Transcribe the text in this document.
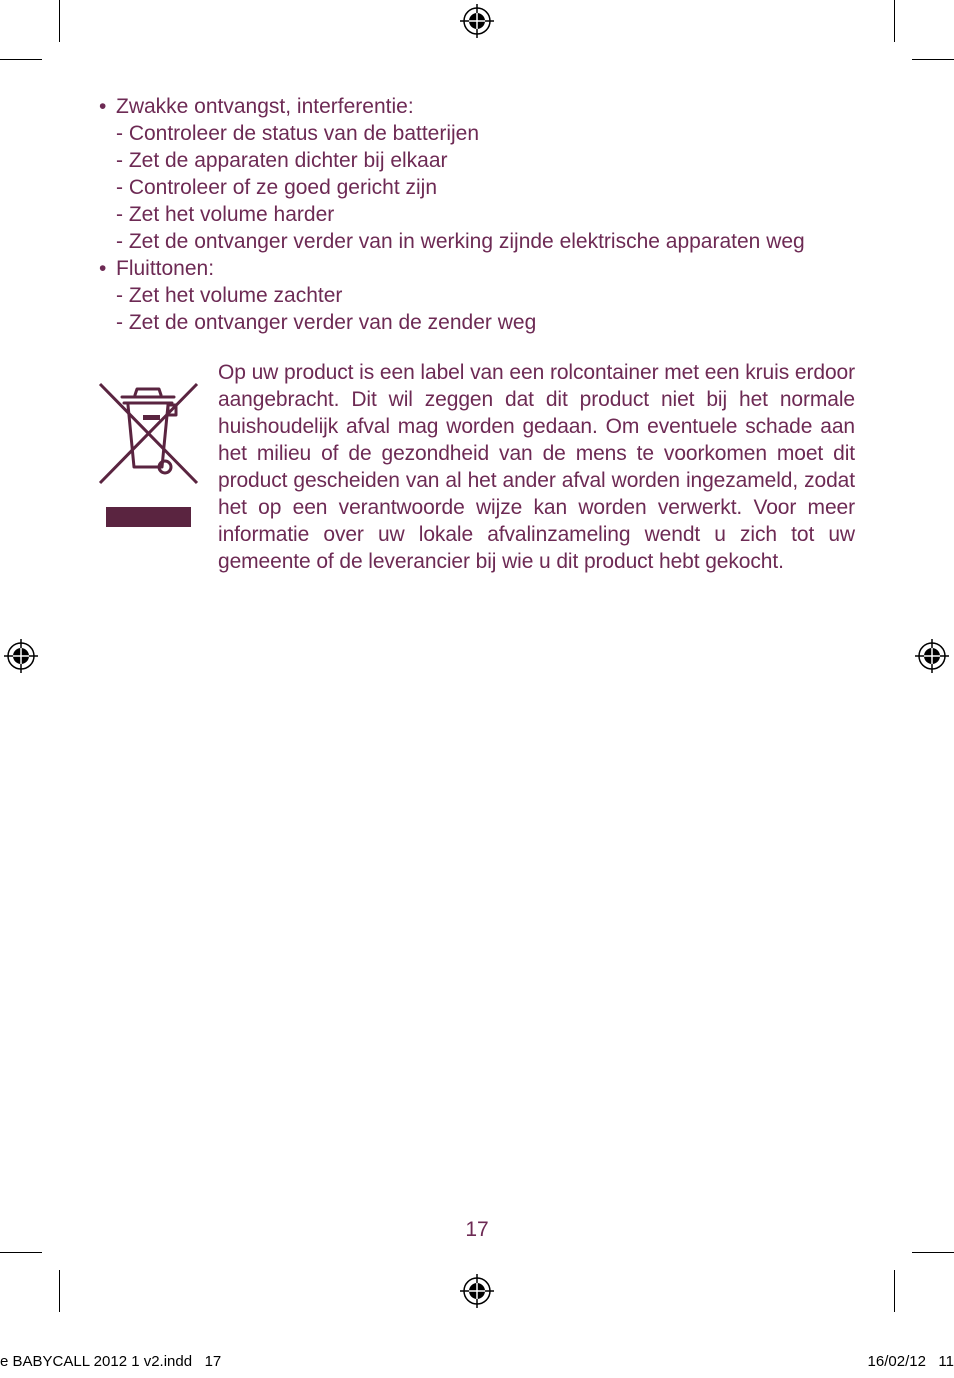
• Zwakke ontvangst, interferentie:
- Controleer de status van de batterijen
- Zet de apparaten dichter bij elkaar
- Controleer of ze goed gericht zijn
- Zet het volume harder
- Zet de ontvanger verder van in werking zijnde elektrische apparaten weg
• Fluittonen:
- Zet het volume zachter
- Zet de ontvanger verder van de zender weg
Op uw product is een label van een rolcontainer met een kruis erdoor aangebracht. Dit wil zeggen dat dit product niet bij het normale huishoudelijk afval mag worden gedaan. Om eventuele schade aan het milieu of de gezondheid van de mens te voorkomen moet dit product gescheiden van al het ander afval worden ingezameld, zodat het op een verantwoorde wijze kan worden verwerkt. Voor meer informatie over uw lokale afvalinzameling wendt u zich tot uw gemeente of de leverancier bij wie u dit product hebt gekocht.
17
e BABYCALL 2012 1 v2.indd   17	16/02/12   11
